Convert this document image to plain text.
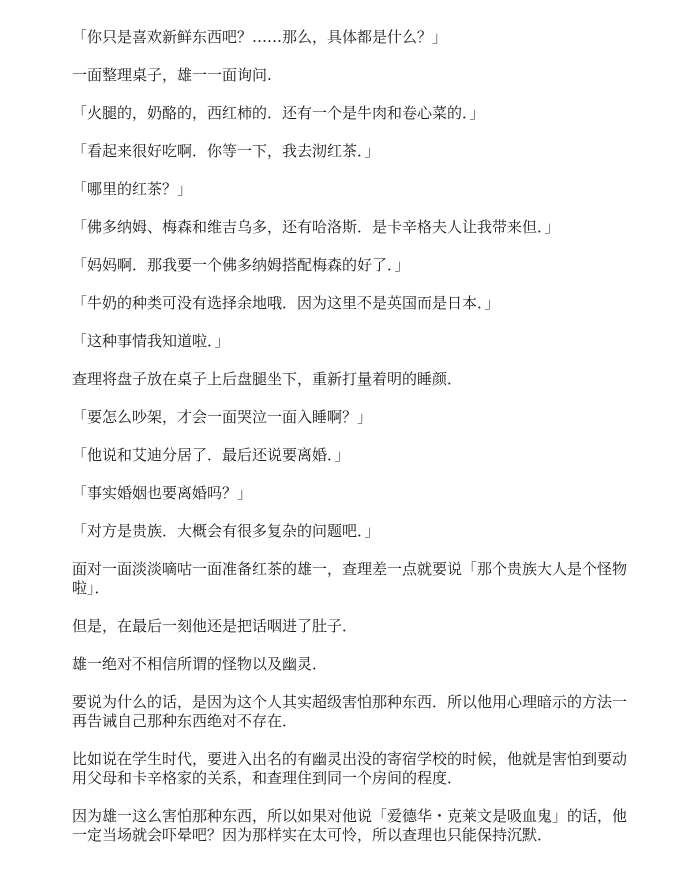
「你只是喜欢新鲜东西吧？……那么，具体都是什么？」

一面整理桌子，雄一一面询问.

「火腿的，奶酪的，西红柿的．还有一个是牛肉和卷心菜的．」

「看起来很好吃啊．你等一下，我去沏红茶．」

「哪里的红茶？」

「佛多纳姆、梅森和维吉乌多，还有哈洛斯．是卡辛格夫人让我带来但．」

「妈妈啊．那我要一个佛多纳姆搭配梅森的好了．」

「牛奶的种类可没有选择余地哦．因为这里不是英国而是日本．」

「这种事情我知道啦．」

查理将盘子放在桌子上后盘腿坐下，重新打量着明的睡颜．

「要怎么吵架，才会一面哭泣一面入睡啊？」

「他说和艾迪分居了．最后还说要离婚．」

「事实婚姻也要离婚吗？」

「对方是贵族．大概会有很多复杂的问题吧．」

面对一面淡淡嘀咕一面准备红茶的雄一，查理差一点就要说「那个贵族大人是个怪物啦」．

但是，在最后一刻他还是把话咽进了肚子．

雄一绝对不相信所谓的怪物以及幽灵．

要说为什么的话，是因为这个人其实超级害怕那种东西．所以他用心理暗示的方法一再告诫自己那种东西绝对不存在．

比如说在学生时代，要进入出名的有幽灵出没的寄宿学校的时候，他就是害怕到要动用父母和卡辛格家的关系，和查理住到同一个房间的程度．

因为雄一这么害怕那种东西，所以如果对他说「爱德华・克莱文是吸血鬼」的话，他一定当场就会吓晕吧？因为那样实在太可怜，所以查理也只能保持沉默．
